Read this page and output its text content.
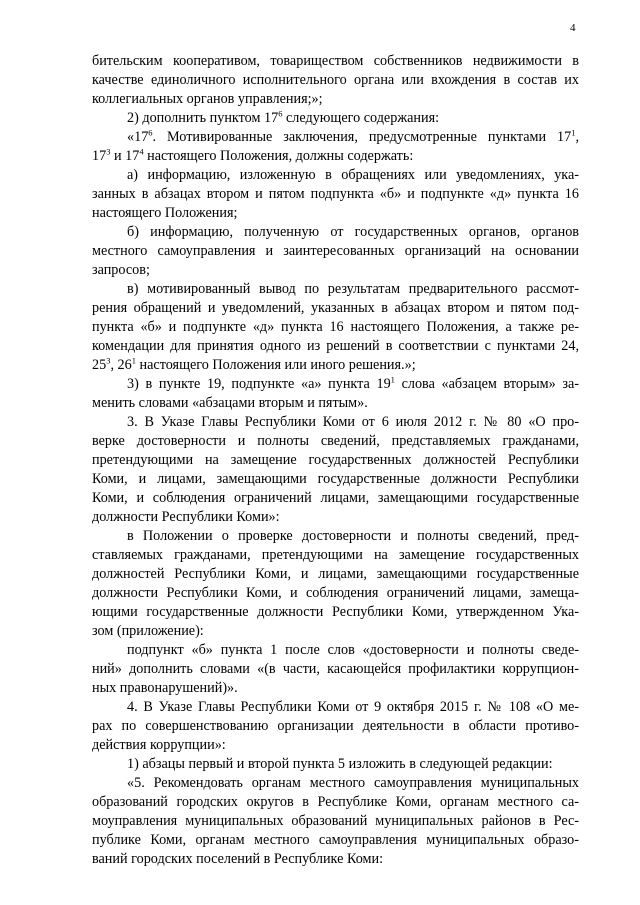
4
бительским кооперативом, товариществом собственников недвижимости в
качестве единоличного исполнительного органа или вхождения в состав их
коллегиальных органов управления;»;
2) дополнить пунктом $17^6$ следующего содержания:
«$17^6$. Мотивированные заключения, предусмотренные пунктами $17^1$,
$17^3$ и $17^4$ настоящего Положения, должны содержать:
а) информацию, изложенную в обращениях или уведомлениях, ука-
занных в абзацах втором и пятом подпункта «б» и подпункте «д» пункта 16
настоящего Положения;
б) информацию, полученную от государственных органов, органов
местного самоуправления и заинтересованных организаций на основании
запросов;
в) мотивированный вывод по результатам предварительного рассмот-
рения обращений и уведомлений, указанных в абзацах втором и пятом под-
пункта «б» и подпункте «д» пункта 16 настоящего Положения, а также ре-
комендации для принятия одного из решений в соответствии с пунктами 24,
$25^3$, $26^1$ настоящего Положения или иного решения.»;
3) в пункте 19, подпункте «а» пункта $19^1$ слова «абзацем вторым» за-
менить словами «абзацами вторым и пятым».
3. В Указе Главы Республики Коми от 6 июля 2012 г. № 80 «О про-
верке достоверности и полноты сведений, представляемых гражданами,
претендующими на замещение государственных должностей Республики
Коми, и лицами, замещающими государственные должности Республики
Коми, и соблюдения ограничений лицами, замещающими государственные
должности Республики Коми»:
в Положении о проверке достоверности и полноты сведений, пред-
ставляемых гражданами, претендующими на замещение государственных
должностей Республики Коми, и лицами, замещающими государственные
должности Республики Коми, и соблюдения ограничений лицами, замеща-
ющими государственные должности Республики Коми, утвержденном Ука-
зом (приложение):
подпункт «б» пункта 1 после слов «достоверности и полноты сведе-
ний» дополнить словами «(в части, касающейся профилактики коррупцион-
ных правонарушений)».
4. В Указе Главы Республики Коми от 9 октября 2015 г. № 108 «О ме-
рах по совершенствованию организации деятельности в области противо-
действия коррупции»:
1) абзацы первый и второй пункта 5 изложить в следующей редакции:
«5. Рекомендовать органам местного самоуправления муниципальных
образований городских округов в Республике Коми, органам местного са-
моуправления муниципальных образований муниципальных районов в Рес-
публике Коми, органам местного самоуправления муниципальных образо-
ваний городских поселений в Республике Коми:
